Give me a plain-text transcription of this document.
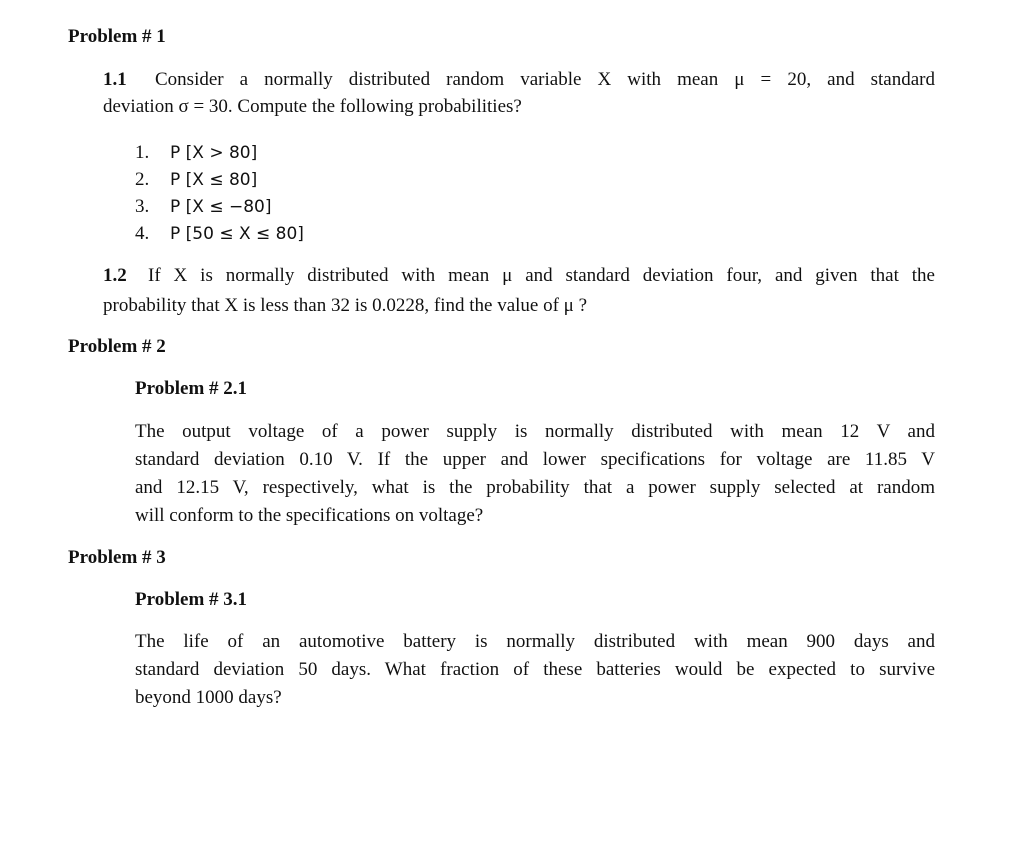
Problem # 1
1.1 Consider a normally distributed random variable X with mean μ = 20, and standard
deviation σ = 30. Compute the following probabilities?
1. P [X > 80]
2. P [X ≤ 80]
3. P [X ≤ −80]
4. P [50 ≤ X ≤ 80]
1.2 If X is normally distributed with mean μ and standard deviation four, and given that the
probability that X is less than 32 is 0.0228, find the value of μ ?
Problem # 2
Problem # 2.1
The output voltage of a power supply is normally distributed with mean 12 V and
standard deviation 0.10 V. If the upper and lower specifications for voltage are 11.85 V
and 12.15 V, respectively, what is the probability that a power supply selected at random
will conform to the specifications on voltage?
Problem # 3
Problem # 3.1
The life of an automotive battery is normally distributed with mean 900 days and
standard deviation 50 days. What fraction of these batteries would be expected to survive
beyond 1000 days?
